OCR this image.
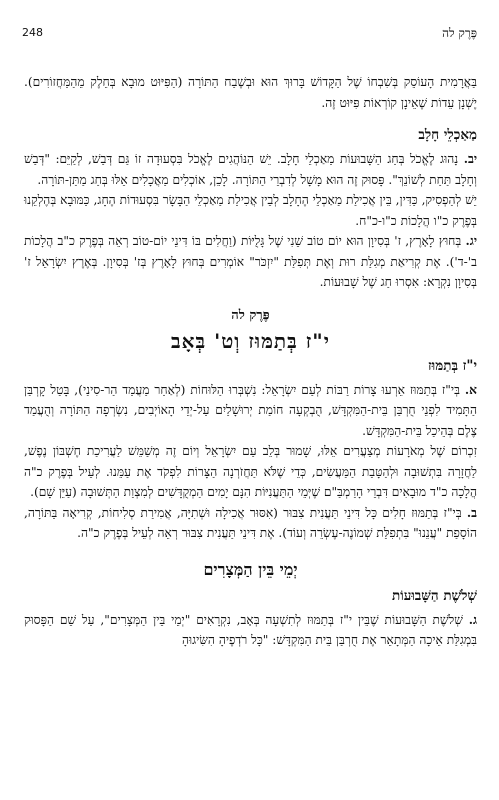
פֶּרֶק לה
248

בַּאֲרָמִית הָעוֹסֵק בְּשִׁבְחוֹ שֶׁל הַקָּדוֹשׁ בָּרוּךְ הוּא וּבְשֶׁבַח הַתּוֹרָה (הַפִּיּוּט מוּבָא בְּחֵלֶק מֵהַמַּחֲזוֹרִים). יֶשְׁנָן עֵדוֹת שֶׁאֵינָן קוֹרְאוֹת פִּיּוּט זֶה.

מַאַכְלֵי חָלָב

יב. נָהוּג לֶאֱכֹל בְּחַג הַשָּׁבוּעוֹת מַאַכְלֵי חָלָב. יֵשׁ הַנּוֹהֲגִים לֶאֱכֹל בִּסְעוּדָה זוֹ גַּם דְּבַשׁ, לְקַיֵּם: "דְּבַשׁ וְחָלָב תַּחַת לְשׁוֹנֵךְ". פָּסוּק זֶה הוּא מָשָׁל לְדִבְרֵי הַתּוֹרָה. לָכֵן, אוֹכְלִים מַאֲכָלִים אֵלּוּ בְּחַג מַתַּן-תּוֹרָה.

יֵשׁ לְהַפְסִיק, כַּדִּין, בֵּין אֲכִילַת מַאַכְלֵי הֶחָלָב לְבֵין אֲכִילַת מַאַכְלֵי הַבָּשָׂר בִּסְעוּדוֹת הֶחָג, כַּמּוּבָא בְּהֶלְקֵנוּ בְּפֶרֶק כ"ו הֲלָכוֹת כ"ו-כ"ח.

יג. בְּחוּץ לָאָרֶץ, ז' בְּסִיוָן הוּא יוֹם טוֹב שֵׁנִי שֶׁל גָּלֻיּוֹת (וַחֲלִים בּוֹ דִּינֵי יוֹם-טוֹב רְאֵה בְּפֶרֶק כ"ב הֲלָכוֹת ב'-ד'). אֶת קְרִיאַת מְגִלַּת רוּת וְאֶת תְּפִלַּת "יִזְכֹּר" אוֹמְרִים בְּחוּץ לָאָרֶץ בְּז' בְּסִיוָן. בְּאֶרֶץ יִשְׂרָאֵל ז' בְּסִיוָן נִקְרָא: אִסְרוּ חַג שֶׁל שָׁבוּעוֹת.

פֶּרֶק לה
י"ז בְּתַמּוּז וְט' בְּאָב
י"ז בְּתַמּוּז

א. בְּי"ז בְּתַמּוּז אֵרְעוּ צָרוֹת רַבּוֹת לְעַם יִשְׂרָאֵל: נִשְׁבְּרוּ הַלּוּחוֹת (לְאַחַר מַעֲמַד הַר-סִינַי), בָּטַל קָרְבַּן הַתָּמִיד לִפְנֵי חֻרְבַּן בֵּית-הַמִּקְדָּשׁ, הֻבְקְעָה חוֹמַת יְרוּשָׁלַיִם עַל-יְדֵי הָאוֹיְבִים, נִשְׂרְפָה הַתּוֹרָה וְהֻעֲמַד צֶלֶם בְּהֵיכַל בֵּית-הַמִּקְדָּשׁ.

זִכְרוֹם שֶׁל מְאֹרָעוֹת מְצַעֲרִים אֵלּוּ, שָׁמוּר בְּלֵב עַם יִשְׂרָאֵל וְיוֹם זֶה מְשַׁמֵּשׁ לַעֲרִיכַת חֶשְׁבּוֹן נֶפֶשׁ, לַחֲזָרָה בִּתְשׁוּבָה וּלְהַטָּבַת הַמַּעֲשִׂים, כְּדֵי שֶׁלֹּא תַּחֲזֹרְנָה הַצָּרוֹת לִפְקֹד אֶת עַמֵּנוּ. לְעֵיל בְּפֶרֶק כ"ה הֲלָכָה כ"ד מוּבָאִים דִּבְרֵי הָרַמְבַּ"ם שֶׁיְּמֵי הַתַּעֲנִיּוֹת הִנָּם יָמִים הַמְקֻדָּשִׁים לְמִצְוַת הַתְּשׁוּבָה (עַיֵּן שָׁם).

ב. בְּי"ז בְּתַמּוּז חָלִים כָּל דִּינֵי תַּעֲנִית צִבּוּר (אִסּוּר אֲכִילָה וּשְׁתִיָּה, אֲמִירַת סְלִיחוֹת, קְרִיאָה בַּתּוֹרָה, הוֹסָפַת "עֲנֵנוּ" בִּתְפִלַּת שְׁמוֹנֶה-עֶשְׂרֵה וְעוֹד). אֶת דִּינֵי תַּעֲנִית צִבּוּר רְאֵה לְעֵיל בְּפֶרֶק כ"ה.

יְמֵי בֵּין הַמְּצָרִים
שְׁלֹשֶׁת הַשָּׁבוּעוֹת

ג. שְׁלֹשֶׁת הַשָּׁבוּעוֹת שֶׁבֵּין י"ז בְּתַמּוּז לְתִשְׁעָה בְּאָב, נִקְרָאִים "יְמֵי בֵּין הַמְּצָרִים", עַל שֵׁם הַפָּסוּק בִּמְגִלַּת אֵיכָה הַמְּתָאֵר אֶת חֻרְבַּן בֵּית הַמִּקְדָּשׁ: "כָּל רֹדְפֶיהָ הִשִּׂיגוּהָ
